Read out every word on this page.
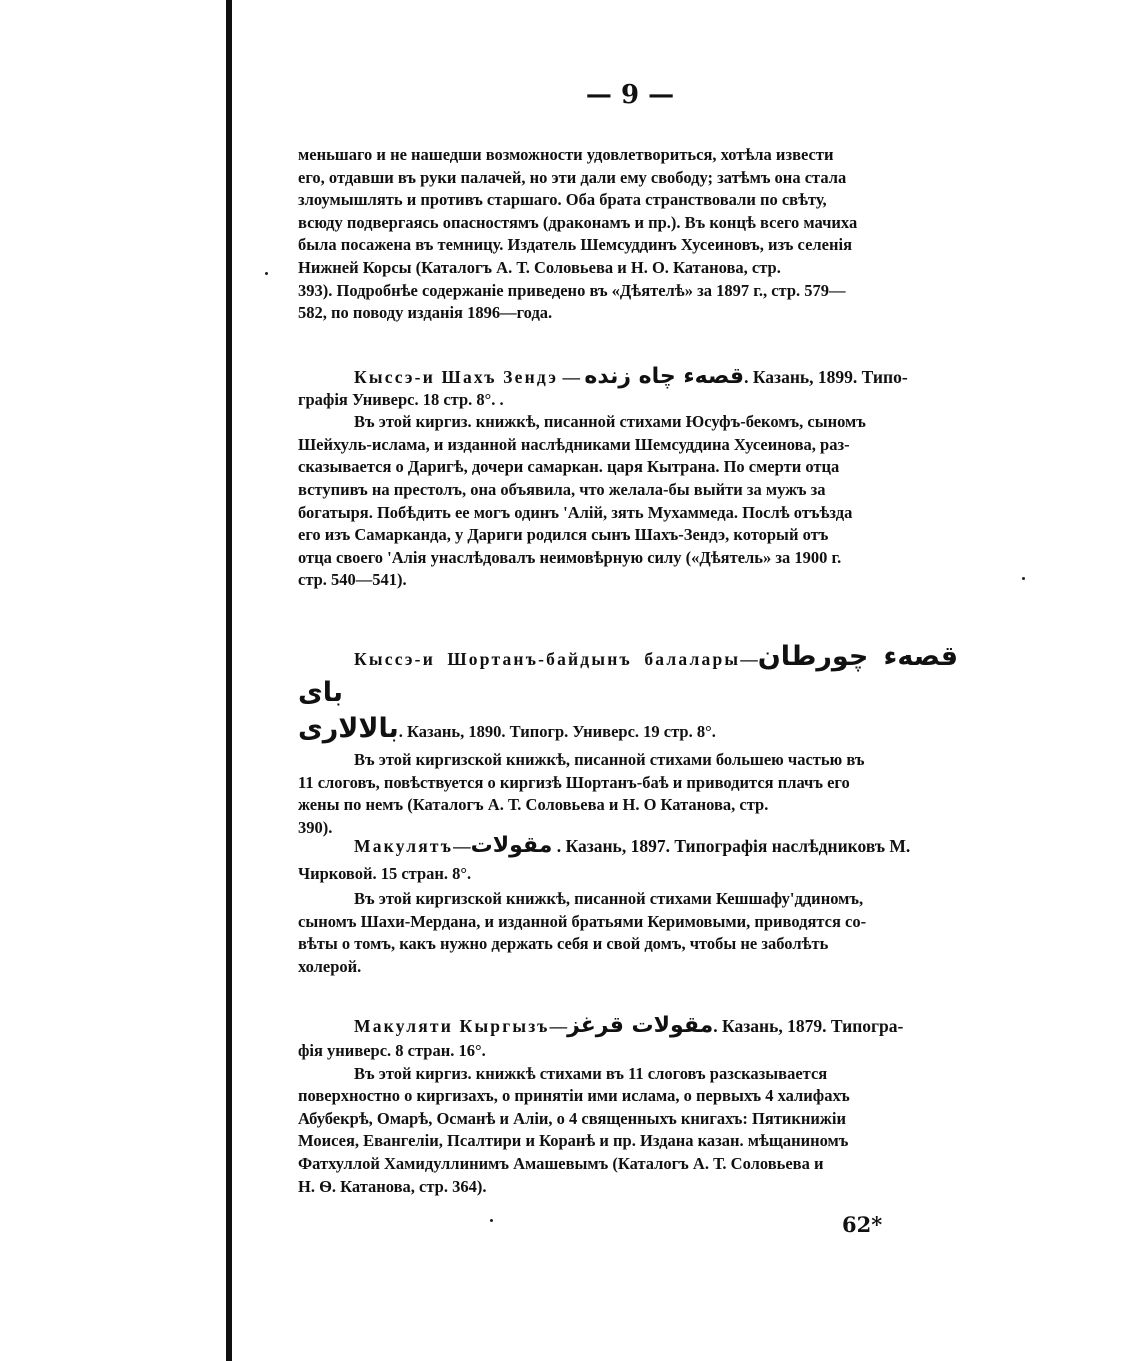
— 9 —

меньшаго и не нашедши возможности удовлетвориться, хотѣла извести

его, отдавши въ руки палачей, но эти дали ему свободу; затѣмъ она стала

злоумышлять и противъ старшаго. Оба брата странствовали по свѣту,

всюду подвергаясь опасностямъ (драконамъ и пр.). Въ концѣ всего мачиха

была посажена въ темницу. Издатель Шемсуддинъ Хусеиновъ, изъ селенія

Нижней Корсы (Каталогъ А. Т. Соловьева и Н. О. Катанова, стр.

393). Подробнѣе содержаніе приведено въ «Дѣятелѣ» за 1897 г., стр. 579—

582, по поводу изданія 1896—года.

Кыссэ-и Шахъ Зендэ — قصه‌ء چاه زنده. Казань, 1899. Типо-

графія Универс. 18 стр. 8°. .

Въ этой киргиз. книжкѣ, писанной стихами Юсуфъ-бекомъ, сыномъ

Шейхуль-ислама, и изданной наслѣдниками Шемсуддина Хусеинова, раз-

сказывается о Даригѣ, дочери самаркан. царя Кытрана. По смерти отца

вступивъ на престолъ, она объявила, что желала-бы выйти за мужъ за

богатыря. Побѣдить ее могъ одинъ 'Алій, зять Мухаммеда. Послѣ отъѣзда

его изъ Самарканда, у Дариги родился сынъ Шахъ-Зендэ, который отъ

отца своего 'Алія унаслѣдовалъ неимовѣрную силу («Дѣятель» за 1900 г.

стр. 540—541).

Кыссэ-и Шортанъ-байдынъ балалары—قصه‌ء چورطان بای

بالالاری. Казань, 1890. Типогр. Универс. 19 стр. 8°.

Въ этой киргизской книжкѣ, писанной стихами большею частью въ

11 слоговъ, повѣствуется о киргизѣ Шортанъ-баѣ и приводится плачъ его

жены по немъ (Каталогъ А. Т. Соловьева и Н. О Катанова, стр.

390).

Макулятъ—مقولات . Казань, 1897. Типографія наслѣдниковъ М.

Чирковой. 15 стран. 8°.

Въ этой киргизской книжкѣ, писанной стихами Кешшафу'ддиномъ,

сыномъ Шахи-Мердана, и изданной братьями Керимовыми, приводятся со-

вѣты о томъ, какъ нужно держать себя и свой домъ, чтобы не заболѣть

холерой.

Макуляти Кыргызъ—مقولات قرغز. Казань, 1879. Типогра-

фія универс. 8 стран. 16°.

Въ этой киргиз. книжкѣ стихами въ 11 слоговъ разсказывается

поверхностно о киргизахъ, о принятіи ими ислама, о первыхъ 4 халифахъ

Абубекрѣ, Омарѣ, Османѣ и Аліи, о 4 священныхъ книгахъ: Пятикнижіи

Моисея, Евангеліи, Псалтири и Коранѣ и пр. Издана казан. мѣщаниномъ

Фатхуллой Хамидуллинимъ Амашевымъ (Каталогъ А. Т. Соловьева и

Н. Ѳ. Катанова, стр. 364).

62*
